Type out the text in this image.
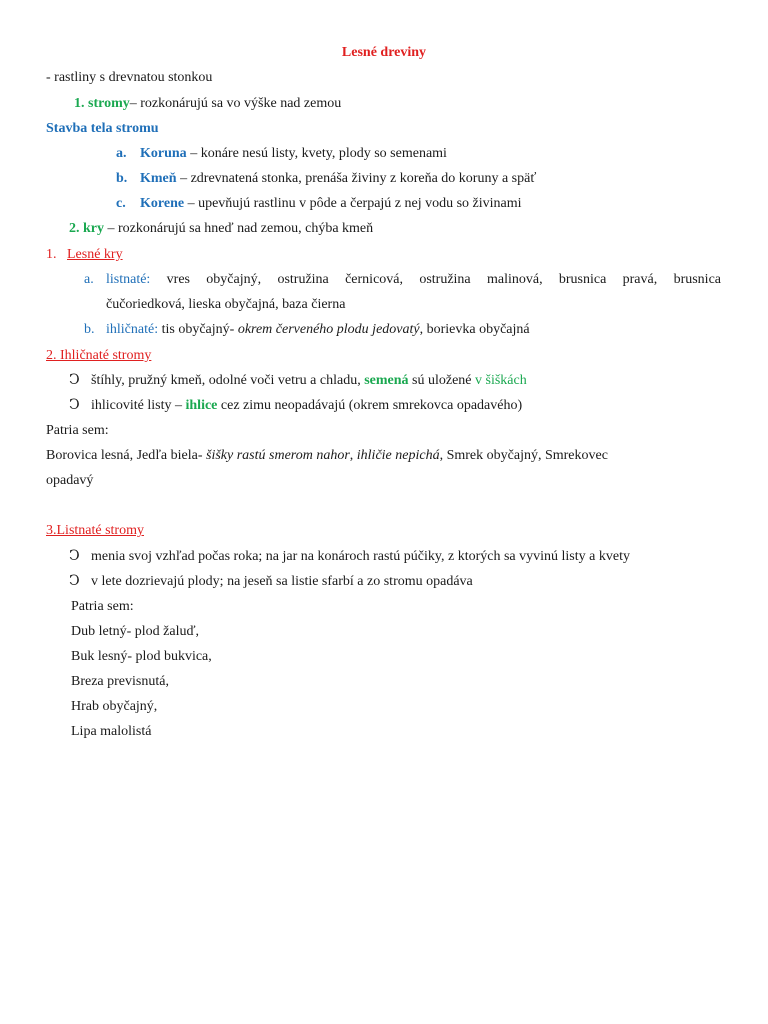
Lesné dreviny
- rastliny s drevnatou stonkou
1. stromy– rozkonárujú sa vo výške nad zemou
Stavba tela stromu
a. Koruna – konáre nesú listy, kvety, plody so semenami
b. Kmeň – zdrevnatená stonka, prenáša živiny z koreňa do koruny a späť
c. Korene – upevňujú rastlinu v pôde a čerpajú z nej vodu so živinami
2. kry – rozkonárujú sa hneď nad zemou, chýba kmeň
1. Lesné kry
a. listnaté: vres obyčajný, ostružina černicová, ostružina malinová, brusnica pravá, brusnica
čučoriedková, lieska obyčajná, baza čierna
b. ihličnaté: tis obyčajný- okrem červeného plodu jedovatý, borievka obyčajná
2. Ihličnaté stromy
Ↄ štíhly, pružný kmeň, odolné voči vetru a chladu, semená sú uložené v šiškách
Ↄ ihlicovité listy – ihlice cez zimu neopadávajú (okrem smrekovca opadavého)
Patria sem:
Borovica lesná, Jedľa biela- šišky rastú smerom nahor, ihličie nepichá, Smrek obyčajný, Smrekovec
opadavý
3.Listnaté stromy
Ↄ menia svoj vzhľad počas roka; na jar na konároch rastú púčiky, z ktorých sa vyvinú listy a kvety
Ↄ v lete dozrievajú plody; na jeseň sa listie sfarbí a zo stromu opadáva
Patria sem:
Dub letný- plod žaluď,
Buk lesný- plod bukvica,
Breza previsnutá,
Hrab obyčajný,
Lipa malolistá
